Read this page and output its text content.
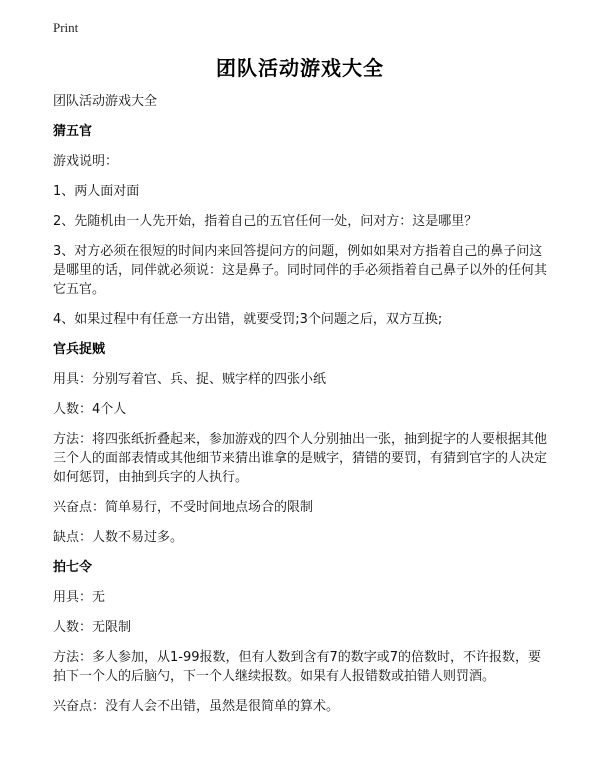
Print
团队活动游戏大全

团队活动游戏大全

猜五官

游戏说明：

1、两人面对面

2、先随机由一人先开始，指着自己的五官任何一处，问对方：这是哪里？

3、对方必须在很短的时间内来回答提问方的问题，例如如果对方指着自己的鼻子问这是哪里的话，同伴就必须说：这是鼻子。同时同伴的手必须指着自己鼻子以外的任何其它五官。

4、如果过程中有任意一方出错，就要受罚;3个问题之后，双方互换;

官兵捉贼

用具：分别写着官、兵、捉、贼字样的四张小纸

人数：4个人

方法：将四张纸折叠起来，参加游戏的四个人分别抽出一张，抽到捉字的人要根据其他三个人的面部表情或其他细节来猜出谁拿的是贼字，猜错的要罚，有猜到官字的人决定如何惩罚，由抽到兵字的人执行。

兴奋点：简单易行，不受时间地点场合的限制

缺点：人数不易过多。

拍七令

用具：无

人数：无限制

方法：多人参加，从1-99报数，但有人数到含有7的数字或7的倍数时，不许报数，要拍下一个人的后脑勺，下一个人继续报数。如果有人报错数或拍错人则罚酒。

兴奋点：没有人会不出错，虽然是很简单的算术。
